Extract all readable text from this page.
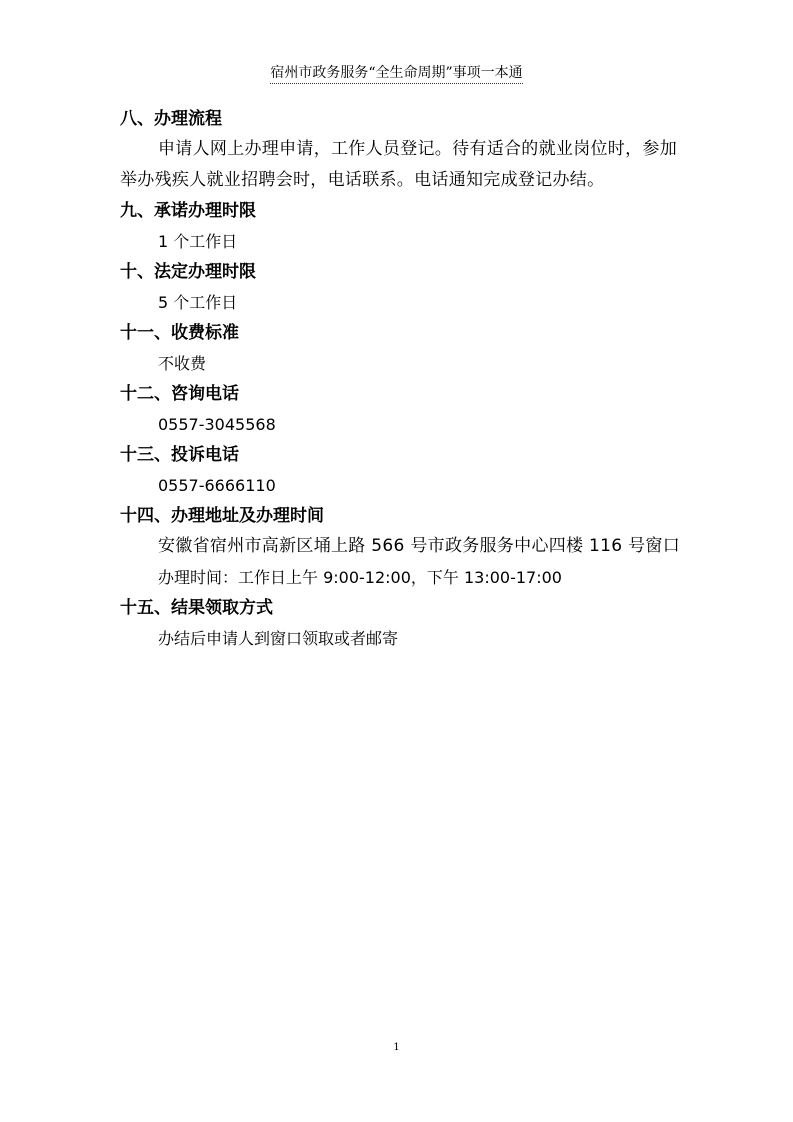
宿州市政务服务“全生命周期”事项一本通

八、办理流程

申请人网上办理申请，工作人员登记。待有适合的就业岗位时，参加举办残疾人就业招聘会时，电话联系。电话通知完成登记办结。

九、承诺办理时限

1 个工作日

十、法定办理时限

5 个工作日

十一、收费标准

不收费

十二、咨询电话

0557-3045568

十三、投诉电话

0557-6666110

十四、办理地址及办理时间

安徽省宿州市高新区埇上路 566 号市政务服务中心四楼 116 号窗口

办理时间：工作日上午 9:00-12:00，下午 13:00-17:00

十五、结果领取方式

办结后申请人到窗口领取或者邮寄

1
